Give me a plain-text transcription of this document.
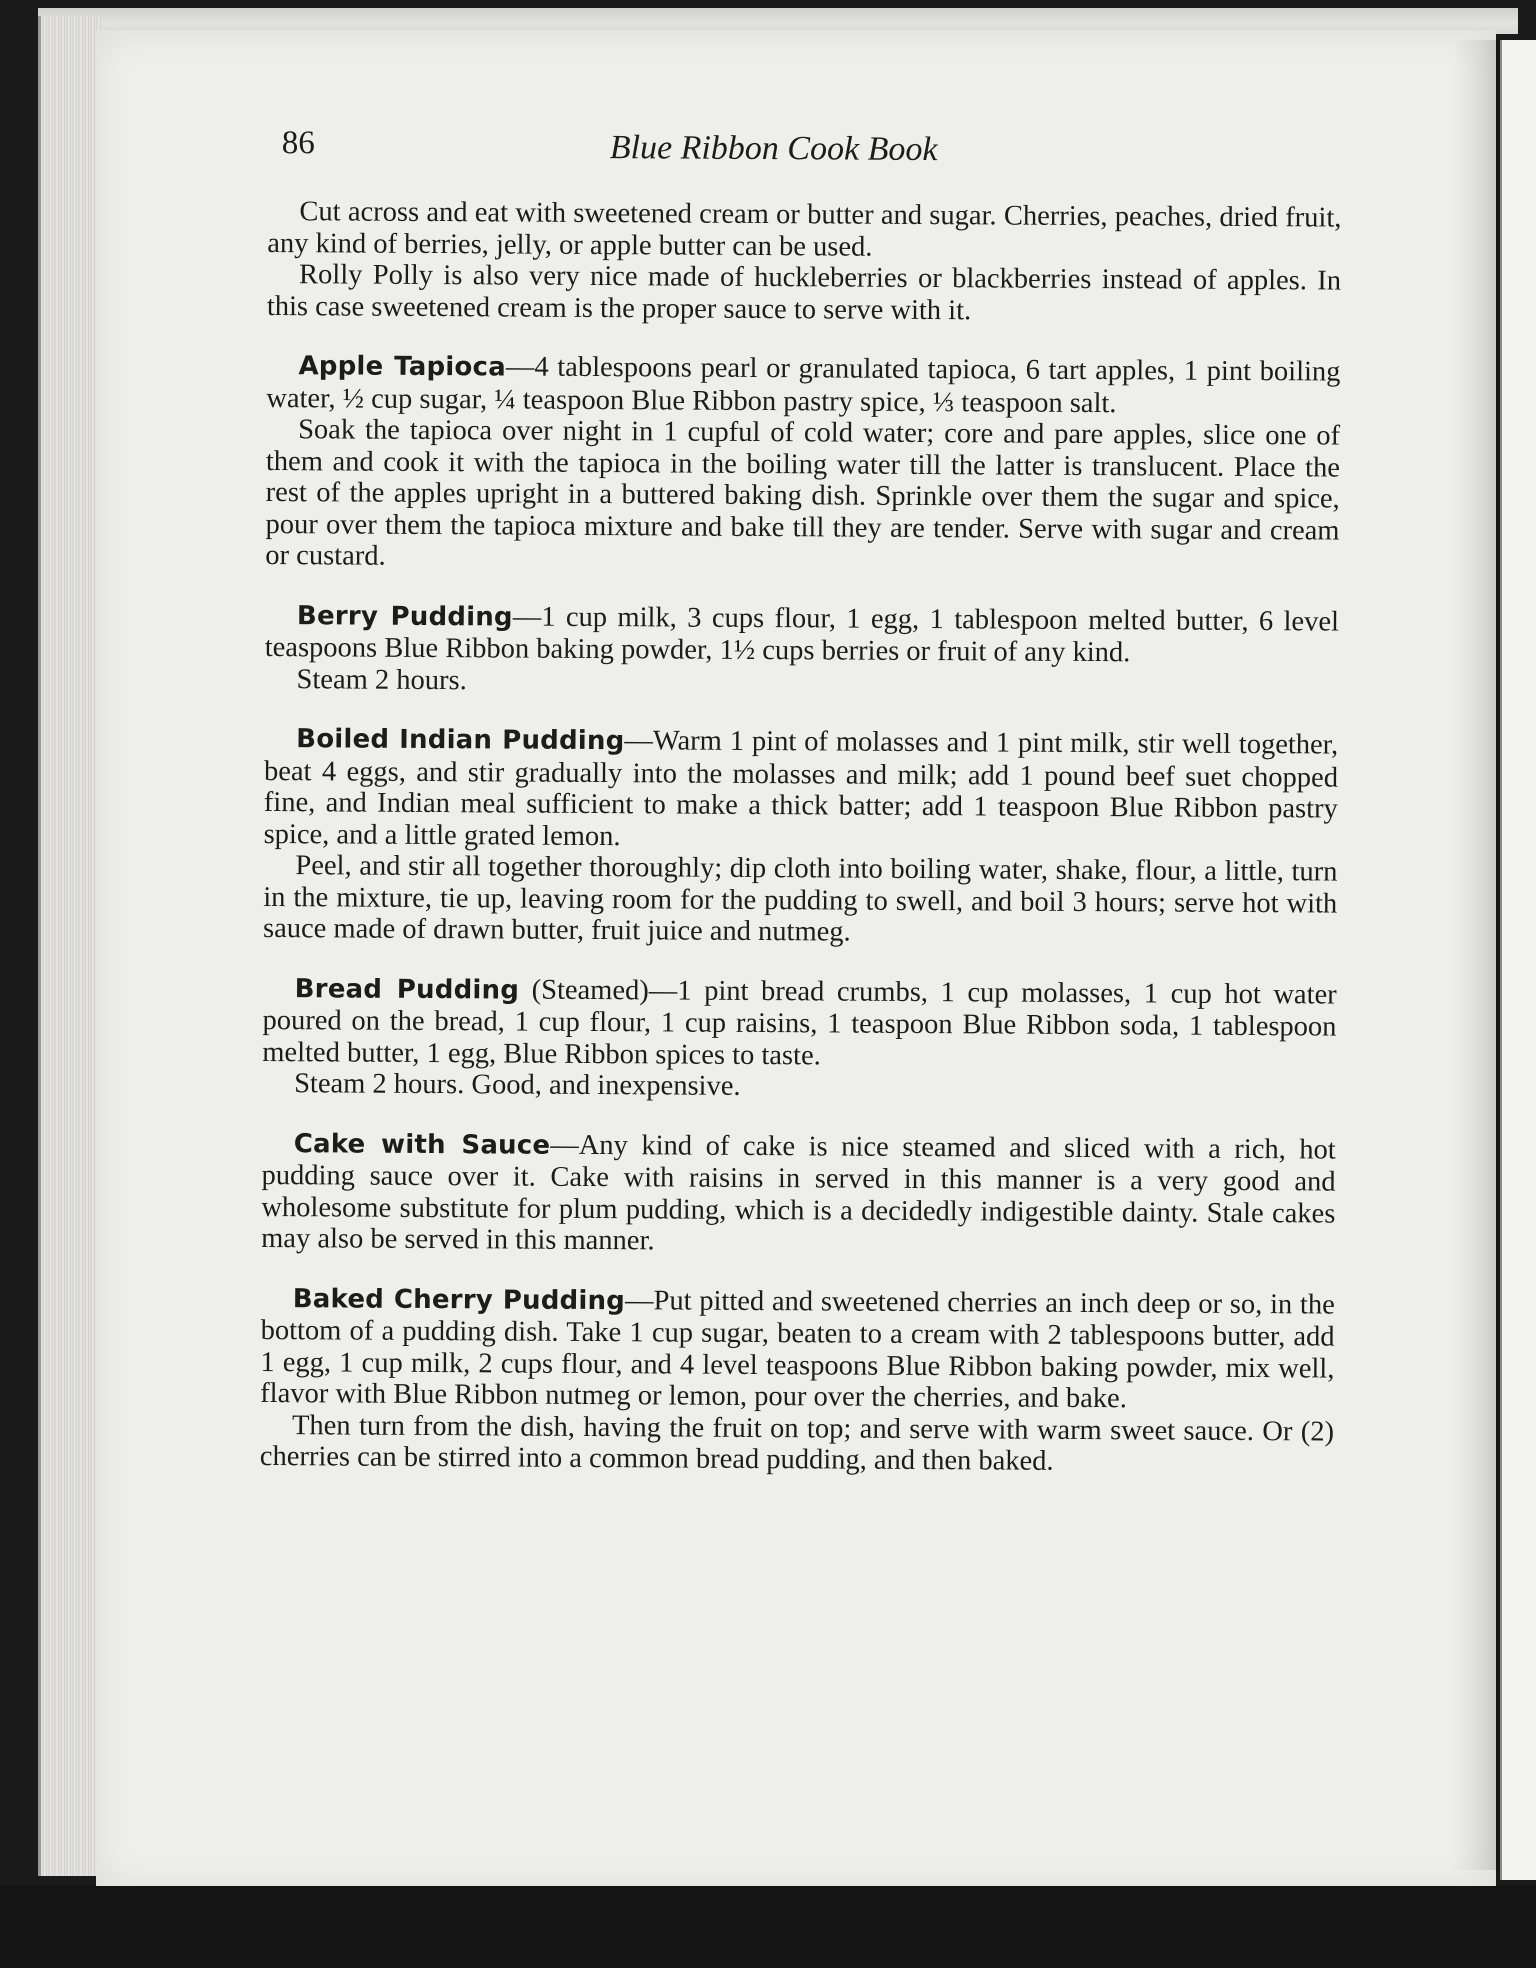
86	Blue Ribbon Cook Book

Cut across and eat with sweetened cream or butter and sugar. Cherries, peaches, dried fruit, any kind of berries, jelly, or apple butter can be used.

Rolly Polly is also very nice made of huckleberries or blackberries instead of apples. In this case sweetened cream is the proper sauce to serve with it.

Apple Tapioca—4 tablespoons pearl or granulated tapioca, 6 tart apples, 1 pint boiling water, ½ cup sugar, ¼ teaspoon Blue Ribbon pastry spice, ⅓ teaspoon salt.

Soak the tapioca over night in 1 cupful of cold water; core and pare apples, slice one of them and cook it with the tapioca in the boiling water till the latter is translucent. Place the rest of the apples upright in a buttered baking dish. Sprinkle over them the sugar and spice, pour over them the tapioca mixture and bake till they are tender. Serve with sugar and cream or custard.

Berry Pudding—1 cup milk, 3 cups flour, 1 egg, 1 tablespoon melted butter, 6 level teaspoons Blue Ribbon baking powder, 1½ cups berries or fruit of any kind.

Steam 2 hours.

Boiled Indian Pudding—Warm 1 pint of molasses and 1 pint milk, stir well together, beat 4 eggs, and stir gradually into the molasses and milk; add 1 pound beef suet chopped fine, and Indian meal sufficient to make a thick batter; add 1 teaspoon Blue Ribbon pastry spice, and a little grated lemon.

Peel, and stir all together thoroughly; dip cloth into boiling water, shake, flour, a little, turn in the mixture, tie up, leaving room for the pudding to swell, and boil 3 hours; serve hot with sauce made of drawn butter, fruit juice and nutmeg.

Bread Pudding (Steamed)—1 pint bread crumbs, 1 cup molasses, 1 cup hot water poured on the bread, 1 cup flour, 1 cup raisins, 1 teaspoon Blue Ribbon soda, 1 tablespoon melted butter, 1 egg, Blue Ribbon spices to taste.

Steam 2 hours. Good, and inexpensive.

Cake with Sauce—Any kind of cake is nice steamed and sliced with a rich, hot pudding sauce over it. Cake with raisins in served in this manner is a very good and wholesome substitute for plum pudding, which is a decidedly indigestible dainty. Stale cakes may also be served in this manner.

Baked Cherry Pudding—Put pitted and sweetened cherries an inch deep or so, in the bottom of a pudding dish. Take 1 cup sugar, beaten to a cream with 2 tablespoons butter, add 1 egg, 1 cup milk, 2 cups flour, and 4 level teaspoons Blue Ribbon baking powder, mix well, flavor with Blue Ribbon nutmeg or lemon, pour over the cherries, and bake.

Then turn from the dish, having the fruit on top; and serve with warm sweet sauce. Or (2) cherries can be stirred into a common bread pudding, and then baked.
